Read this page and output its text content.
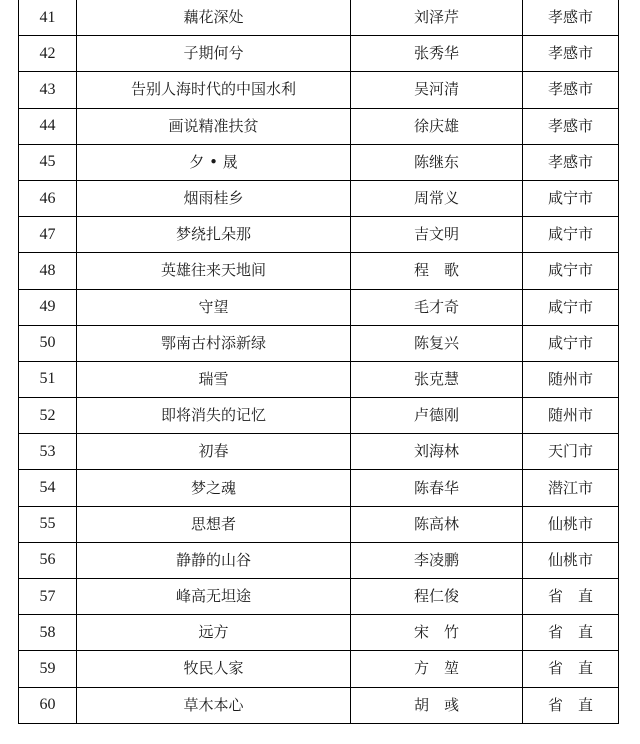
41	藕花深处	刘泽芹	孝感市
42	子期何兮	张秀华	孝感市
43	告别人海时代的中国水利	吴河清	孝感市
44	画说精准扶贫	徐庆雄	孝感市
45	夕 • 晟	陈继东	孝感市
46	烟雨桂乡	周常义	咸宁市
47	梦绕扎朵那	吉文明	咸宁市
48	英雄往来天地间	程　歌	咸宁市
49	守望	毛才奇	咸宁市
50	鄂南古村添新绿	陈复兴	咸宁市
51	瑞雪	张克慧	随州市
52	即将消失的记忆	卢德刚	随州市
53	初春	刘海林	天门市
54	梦之魂	陈春华	潜江市
55	思想者	陈高林	仙桃市
56	静静的山谷	李凌鹏	仙桃市
57	峰高无坦途	程仁俊	省　直
58	远方	宋　竹	省　直
59	牧民人家	方　堃	省　直
60	草木本心	胡　彧	省　直
